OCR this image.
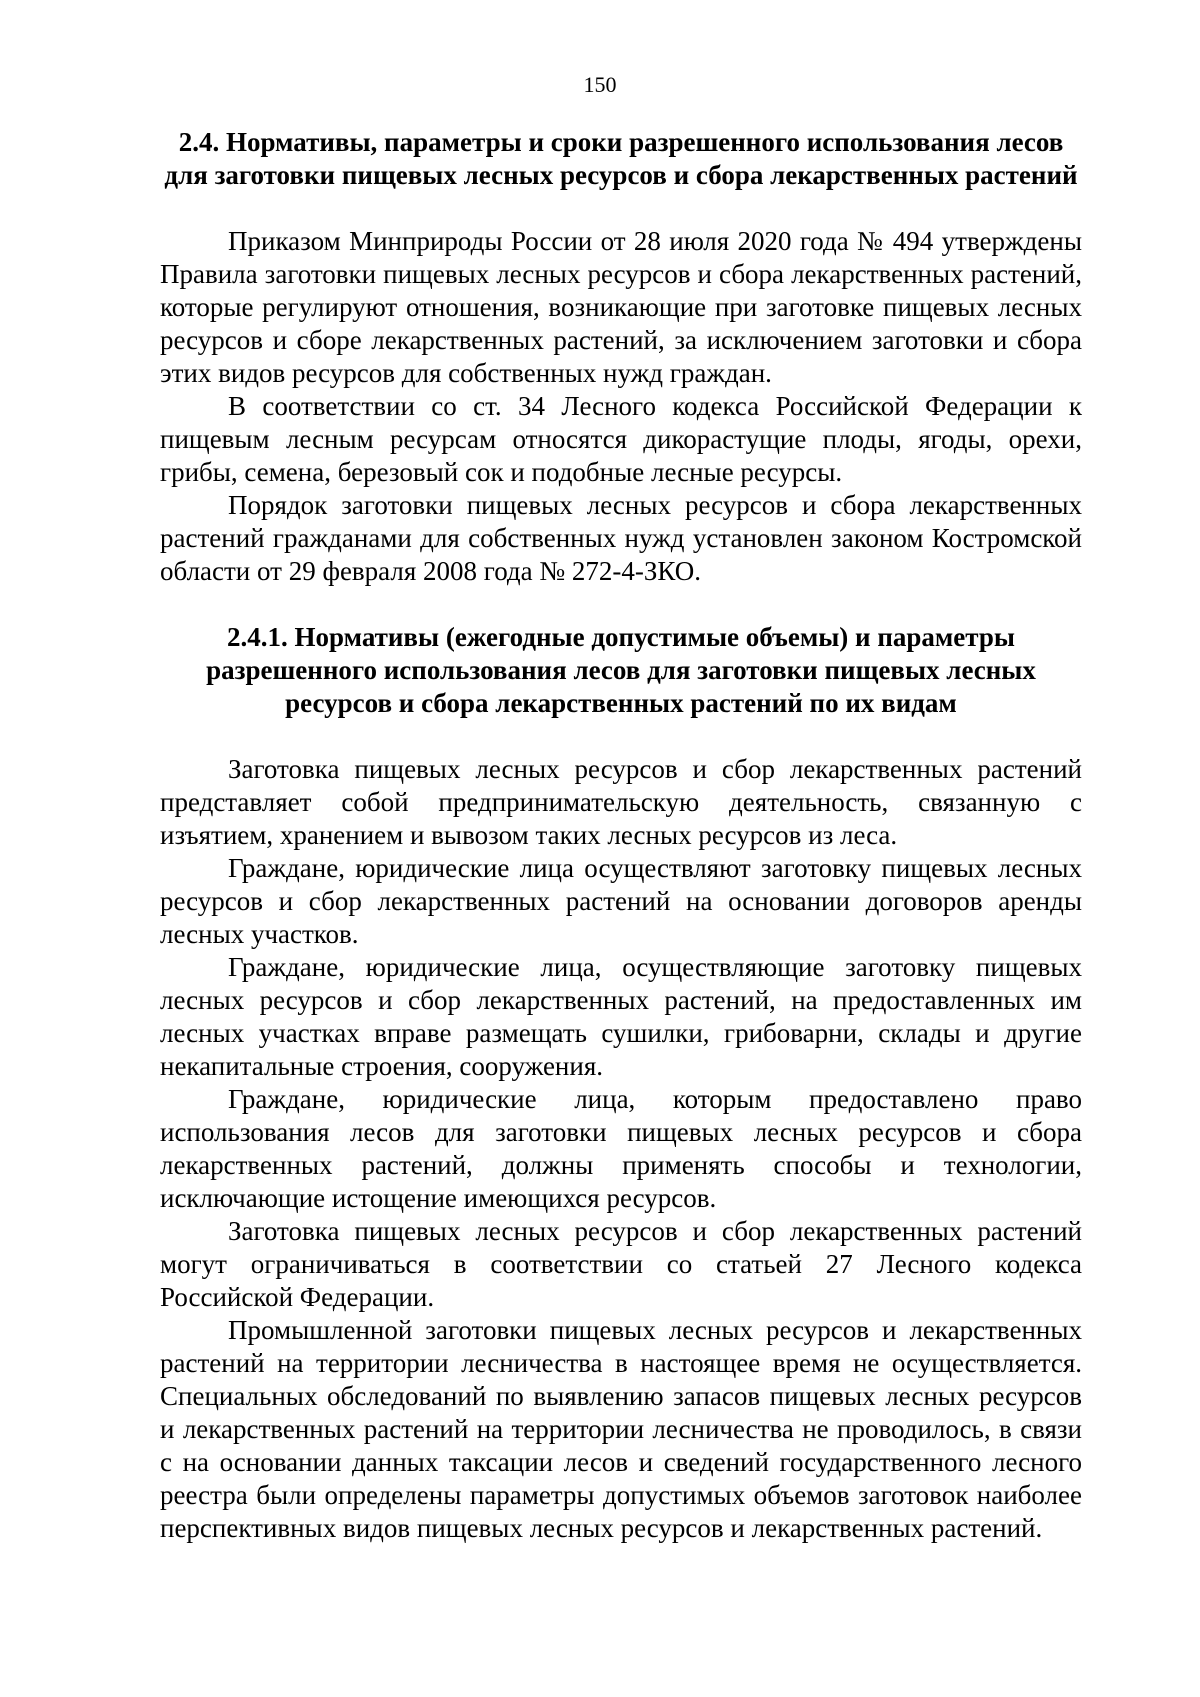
150
2.4. Нормативы, параметры и сроки разрешенного использования лесов для заготовки пищевых лесных ресурсов и сбора лекарственных растений

Приказом Минприроды России от 28 июля 2020 года № 494 утверждены Правила заготовки пищевых лесных ресурсов и сбора лекарственных растений, которые регулируют отношения, возникающие при заготовке пищевых лесных ресурсов и сборе лекарственных растений, за исключением заготовки и сбора этих видов ресурсов для собственных нужд граждан.

В соответствии со ст. 34 Лесного кодекса Российской Федерации к пищевым лесным ресурсам относятся дикорастущие плоды, ягоды, орехи, грибы, семена, березовый сок и подобные лесные ресурсы.

Порядок заготовки пищевых лесных ресурсов и сбора лекарственных растений гражданами для собственных нужд установлен законом Костромской области от 29 февраля 2008 года № 272-4-ЗКО.

2.4.1. Нормативы (ежегодные допустимые объемы) и параметры разрешенного использования лесов для заготовки пищевых лесных ресурсов и сбора лекарственных растений по их видам

Заготовка пищевых лесных ресурсов и сбор лекарственных растений представляет собой предпринимательскую деятельность, связанную с изъятием, хранением и вывозом таких лесных ресурсов из леса.

Граждане, юридические лица осуществляют заготовку пищевых лесных ресурсов и сбор лекарственных растений на основании договоров аренды лесных участков.

Граждане, юридические лица, осуществляющие заготовку пищевых лесных ресурсов и сбор лекарственных растений, на предоставленных им лесных участках вправе размещать сушилки, грибоварни, склады и другие некапитальные строения, сооружения.

Граждане, юридические лица, которым предоставлено право использования лесов для заготовки пищевых лесных ресурсов и сбора лекарственных растений, должны применять способы и технологии, исключающие истощение имеющихся ресурсов.

Заготовка пищевых лесных ресурсов и сбор лекарственных растений могут ограничиваться в соответствии со статьей 27 Лесного кодекса Российской Федерации.

Промышленной заготовки пищевых лесных ресурсов и лекарственных растений на территории лесничества в настоящее время не осуществляется. Специальных обследований по выявлению запасов пищевых лесных ресурсов и лекарственных растений на территории лесничества не проводилось, в связи с на основании данных таксации лесов и сведений государственного лесного реестра были определены параметры допустимых объемов заготовок наиболее перспективных видов пищевых лесных ресурсов и лекарственных растений.
